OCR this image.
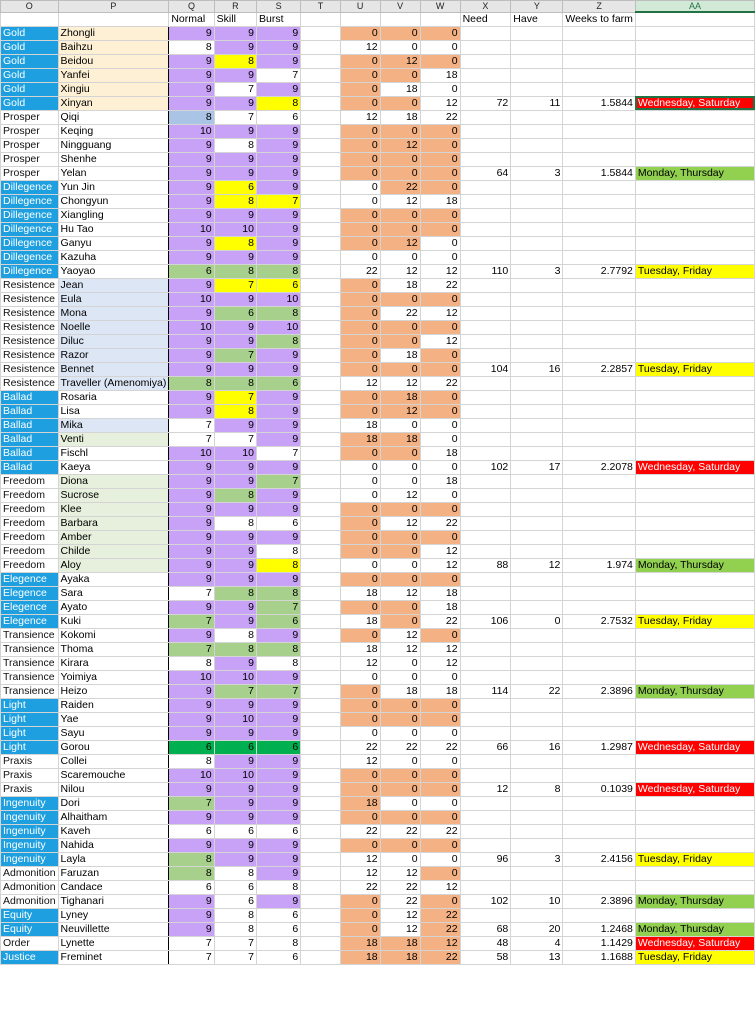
O	P	Q	R	S	T	U	V	W	X	Y	Z	AA
		Normal	Skill	Burst					Need	Have	Weeks to farm	
Gold	Zhongli	9	9	9		0	0	0				
Gold	Baihzu	8	9	9		12	0	0				
Gold	Beidou	9	8	9		0	12	0				
Gold	Yanfei	9	9	7		0	0	18				
Gold	Xingiu	9	7	9		0	18	0				
Gold	Xinyan	9	9	8		0	0	12	72	11	1.5844	Wednesday, Saturday
Prosper	Qiqi	8	7	6		12	18	22				
Prosper	Keqing	10	9	9		0	0	0				
Prosper	Ningguang	9	8	9		0	12	0				
Prosper	Shenhe	9	9	9		0	0	0				
Prosper	Yelan	9	9	9		0	0	0	64	3	1.5844	Monday, Thursday
Dillegence	Yun Jin	9	6	9		0	22	0				
Dillegence	Chongyun	9	8	7		0	12	18				
Dillegence	Xiangling	9	9	9		0	0	0				
Dillegence	Hu Tao	10	10	9		0	0	0				
Dillegence	Ganyu	9	8	9		0	12	0				
Dillegence	Kazuha	9	9	9		0	0	0				
Dillegence	Yaoyao	6	8	8		22	12	12	110	3	2.7792	Tuesday, Friday
Resistence	Jean	9	7	6		0	18	22				
Resistence	Eula	10	9	10		0	0	0				
Resistence	Mona	9	6	8		0	22	12				
Resistence	Noelle	10	9	10		0	0	0				
Resistence	Diluc	9	9	8		0	0	12				
Resistence	Razor	9	7	9		0	18	0				
Resistence	Bennet	9	9	9		0	0	0	104	16	2.2857	Tuesday, Friday
Resistence	Traveller (Amenomiya)	8	8	6		12	12	22				
Ballad	Rosaria	9	7	9		0	18	0				
Ballad	Lisa	9	8	9		0	12	0				
Ballad	Mika	7	9	9		18	0	0				
Ballad	Venti	7	7	9		18	18	0				
Ballad	Fischl	10	10	7		0	0	18				
Ballad	Kaeya	9	9	9		0	0	0	102	17	2.2078	Wednesday, Saturday
Freedom	Diona	9	9	7		0	0	18				
Freedom	Sucrose	9	8	9		0	12	0				
Freedom	Klee	9	9	9		0	0	0				
Freedom	Barbara	9	8	6		0	12	22				
Freedom	Amber	9	9	9		0	0	0				
Freedom	Childe	9	9	8		0	0	12				
Freedom	Aloy	9	9	8		0	0	12	88	12	1.974	Monday, Thursday
Elegence	Ayaka	9	9	9		0	0	0				
Elegence	Sara	7	8	8		18	12	18				
Elegence	Ayato	9	9	7		0	0	18				
Elegence	Kuki	7	9	6		18	0	22	106	0	2.7532	Tuesday, Friday
Transience	Kokomi	9	8	9		0	12	0				
Transience	Thoma	7	8	8		18	12	12				
Transience	Kirara	8	9	8		12	0	12				
Transience	Yoimiya	10	10	9		0	0	0				
Transience	Heizo	9	7	7		0	18	18	114	22	2.3896	Monday, Thursday
Light	Raiden	9	9	9		0	0	0				
Light	Yae	9	10	9		0	0	0				
Light	Sayu	9	9	9		0	0	0				
Light	Gorou	6	6	6		22	22	22	66	16	1.2987	Wednesday, Saturday
Praxis	Collei	8	9	9		12	0	0				
Praxis	Scaremouche	10	10	9		0	0	0				
Praxis	Nilou	9	9	9		0	0	0	12	8	0.1039	Wednesday, Saturday
Ingenuity	Dori	7	9	9		18	0	0				
Ingenuity	Alhaitham	9	9	9		0	0	0				
Ingenuity	Kaveh	6	6	6		22	22	22				
Ingenuity	Nahida	9	9	9		0	0	0				
Ingenuity	Layla	8	9	9		12	0	0	96	3	2.4156	Tuesday, Friday
Admonition	Faruzan	8	8	9		12	12	0				
Admonition	Candace	6	6	8		22	22	12				
Admonition	Tighanari	9	6	9		0	22	0	102	10	2.3896	Monday, Thursday
Equity	Lyney	9	8	6		0	12	22				
Equity	Neuvillette	9	8	6		0	12	22	68	20	1.2468	Monday, Thursday
Order	Lynette	7	7	8		18	18	12	48	4	1.1429	Wednesday, Saturday
Justice	Freminet	7	7	6		18	18	22	58	13	1.1688	Tuesday, Friday
